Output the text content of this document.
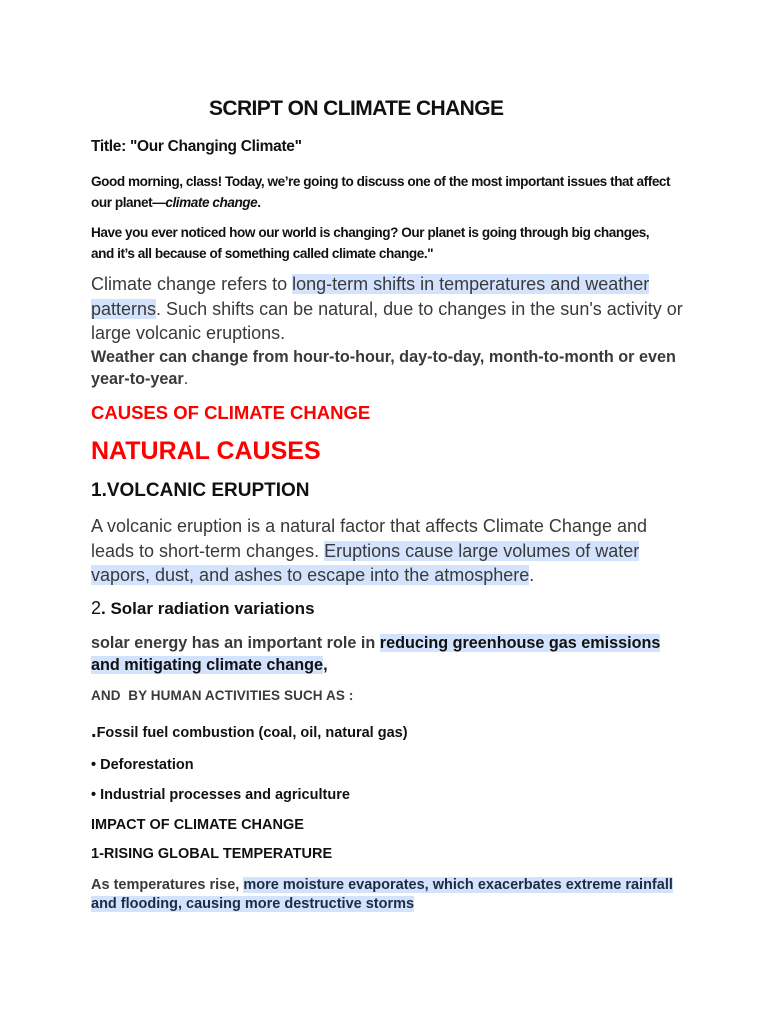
SCRIPT ON CLIMATE CHANGE
Title: "Our Changing Climate"

Good morning, class! Today, we’re going to discuss one of the most important issues that affect our planet—climate change.

Have you ever noticed how our world is changing? Our planet is going through big changes, and it’s all because of something called climate change."

Climate change refers to long-term shifts in temperatures and weather patterns. Such shifts can be natural, due to changes in the sun's activity or large volcanic eruptions.

Weather can change from hour-to-hour, day-to-day, month-to-month or even year-to-year.

CAUSES OF CLIMATE CHANGE
NATURAL CAUSES
1.VOLCANIC ERUPTION

A volcanic eruption is a natural factor that affects Climate Change and leads to short-term changes. Eruptions cause large volumes of water vapors, dust, and ashes to escape into the atmosphere.

2. Solar radiation variations

solar energy has an important role in reducing greenhouse gas emissions and mitigating climate change,

AND  BY HUMAN ACTIVITIES SUCH AS :
.Fossil fuel combustion (coal, oil, natural gas)
• Deforestation
• Industrial processes and agriculture
IMPACT OF CLIMATE CHANGE
1-RISING GLOBAL TEMPERATURE

As temperatures rise, more moisture evaporates, which exacerbates extreme rainfall and flooding, causing more destructive storms
